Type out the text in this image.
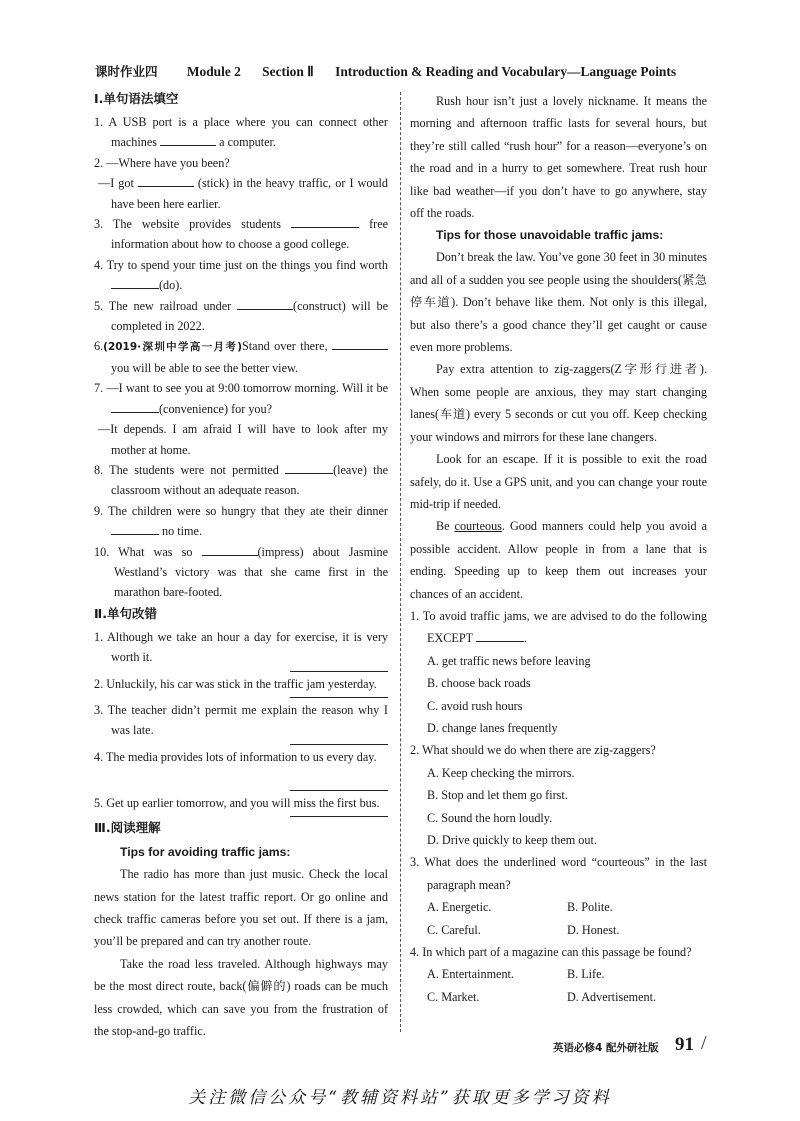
课时作业四 Module 2 Section Ⅱ Introduction & Reading and Vocabulary—Language Points
Ⅰ.单句语法填空
1. A USB port is a place where you can connect other machines	a computer.
2. —Where have you been?
—I got	(stick) in the heavy traffic, or I would have been here earlier.
3. The website provides students	free information about how to choose a good college.
4. Try to spend your time just on the things you find worth (do).
5. The new railroad under	(construct) will be completed in 2022.
6.(2019·深圳中学高一月考)Stand over there,  you will be able to see the better view.
7. —I want to see you at 9:00 tomorrow morning. Will it be (convenience) for you?
—It depends. I am afraid I will have to look after my mother at home.
8. The students were not permitted	(leave) the classroom without an adequate reason.
9. The children were so hungry that they ate their dinner  no time.
10. What was so	(impress) about Jasmine Westland’s victory was that she came first in the marathon bare-footed.
Ⅱ.单句改错
1. Although we take an hour a day for exercise, it is very worth it.
2. Unluckily, his car was stick in the traffic jam yesterday.
3. The teacher didn’t permit me explain the reason why I was late.
4. The media provides lots of information to us every day.
5. Get up earlier tomorrow, and you will miss the first bus.
Ⅲ.阅读理解
Tips for avoiding traffic jams:

The radio has more than just music. Check the local news station for the latest traffic report. Or go online and check traffic cameras before you set out. If there is a jam, you’ll be prepared and can try another route.

Take the road less traveled. Although highways may be the most direct route, back(偏僻的) roads can be much less crowded, which can save you from the frustration of the stop-and-go traffic.

Rush hour isn’t just a lovely nickname. It means the morning and afternoon traffic lasts for several hours, but they’re still called “rush hour” for a reason—everyone’s on the road and in a hurry to get somewhere. Treat rush hour like bad weather—if you don’t have to go anywhere, stay off the roads.

Tips for those unavoidable traffic jams:

Don’t break the law. You’ve gone 30 feet in 30 minutes and all of a sudden you see people using the shoulders(紧急停车道). Don’t behave like them. Not only is this illegal, but also there’s a good chance they’ll get caught or cause even more problems.

Pay extra attention to zig-zaggers(Z字形行进者). When some people are anxious, they may start changing lanes(车道) every 5 seconds or cut you off. Keep checking your windows and mirrors for these lane changers.

Look for an escape. If it is possible to exit the road safely, do it. Use a GPS unit, and you can change your route mid-trip if needed.

Be courteous. Good manners could help you avoid a possible accident. Allow people in from a lane that is ending. Speeding up to keep them out increases your chances of an accident.

1. To avoid traffic jams, we are advised to do the following EXCEPT	.
A. get traffic news before leaving
B. choose back roads
C. avoid rush hours
D. change lanes frequently
2. What should we do when there are zig-zaggers?
A. Keep checking the mirrors.
B. Stop and let them go first.
C. Sound the horn loudly.
D. Drive quickly to keep them out.
3. What does the underlined word “courteous” in the last paragraph mean?
A. Energetic.	B. Polite.
C. Careful.	D. Honest.
4. In which part of a magazine can this passage be found?
A. Entertainment.	B. Life.
C. Market.	D. Advertisement.
英语必修4 配外研社版 91 /
关注微信公众号“教辅资料站”获取更多学习资料
